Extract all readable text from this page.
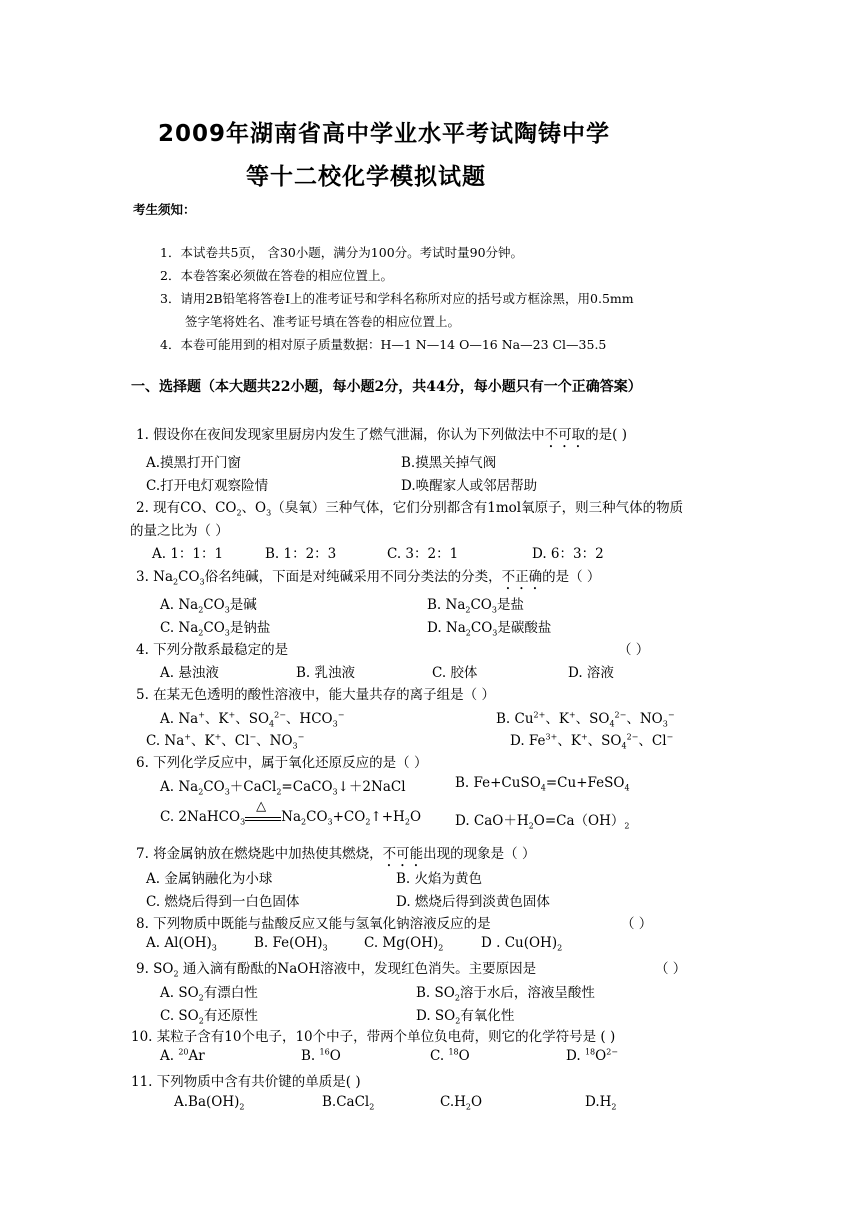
2009年湖南省高中学业水平考试陶铸中学
等十二校化学模拟试题
考生须知：
1．本试卷共5页， 含30小题，满分为100分。考试时量90分钟。
2．本卷答案必须做在答卷的相应位置上。
3．请用2B铅笔将答卷Ⅰ上的准考证号和学科名称所对应的括号或方框涂黑，用0.5mm
签字笔将姓名、准考证号填在答卷的相应位置上。
4．本卷可能用到的相对原子质量数据：H—1 N—14 O—16 Na—23 Cl—35.5
一、选择题（本大题共22小题，每小题2分，共44分，每小题只有一个正确答案）
1. 假设你在夜间发现家里厨房内发生了燃气泄漏，你认为下列做法中不可取的是( )
A.摸黑打开门窗	B.摸黑关掉气阀
C.打开电灯观察险情	D.唤醒家人或邻居帮助
2. 现有CO、$CO_2$、$O_3$（臭氧）三种气体，它们分别都含有1mol氧原子，则三种气体的物质
的量之比为（ ）
A. 1：1：1	B. 1：2：3	C. 3：2：1	D. 6：3：2
3. $Na_2CO_3$俗名纯碱，下面是对纯碱采用不同分类法的分类，不正确的是（ ）
A. $Na_2CO_3$是碱	B. $Na_2CO_3$是盐
C. $Na_2CO_3$是钠盐	D. $Na_2CO_3$是碳酸盐
4. 下列分散系最稳定的是	（ ）
A. 悬浊液	B. 乳浊液	C. 胶体	D. 溶液
5. 在某无色透明的酸性溶液中，能大量共存的离子组是（ ）
A. Na+、K+、$SO_4^{2-}$、$HCO_3^-$	B. $Cu^{2+}$、K+、$SO_4^{2-}$、$NO_3^-$
C. Na+、K+、Cl−、$NO_3^-$	D. $Fe^{3+}$、K+、$SO_4^{2-}$、Cl−
6. 下列化学反应中，属于氧化还原反应的是（ ）
A. $Na_2CO_3+CaCl_2=CaCO_3↓+2NaCl$	B. Fe+CuSO$_4$=Cu+FeSO$_4$
C. 2NaHCO$_3$
△
$Na_2CO_3+CO_2↑+H_2O$	D. $CaO+H_2O=Ca(OH)_2$
7. 将金属钠放在燃烧匙中加热使其燃烧，不可能出现的现象是（ ）
A. 金属钠融化为小球	B. 火焰为黄色
C. 燃烧后得到一白色固体	D. 燃烧后得到淡黄色固体
8. 下列物质中既能与盐酸反应又能与氢氧化钠溶液反应的是	（ ）
A. $Al(OH)_3$	B. $Fe(OH)_3$	C. $Mg(OH)_2$	D . $Cu(OH)_2$
9. $SO_2$ 通入滴有酚酞的NaOH溶液中，发现红色消失。主要原因是	（ ）
A. $SO_2$有漂白性	B. $SO_2$溶于水后，溶液呈酸性
C. $SO_2$有还原性	D. $SO_2$有氧化性
10. 某粒子含有10个电子，10个中子，带两个单位负电荷，则它的化学符号是 ( )
A. $^{20}$Ar	B. $^{16}$O	C. $^{18}$O	D. $^{18}O^{2-}$
11. 下列物质中含有共价键的单质是( )
$A.Ba(OH)_2$	B.CaCl$_2$	$C.H_2O$	$D.H_2$
